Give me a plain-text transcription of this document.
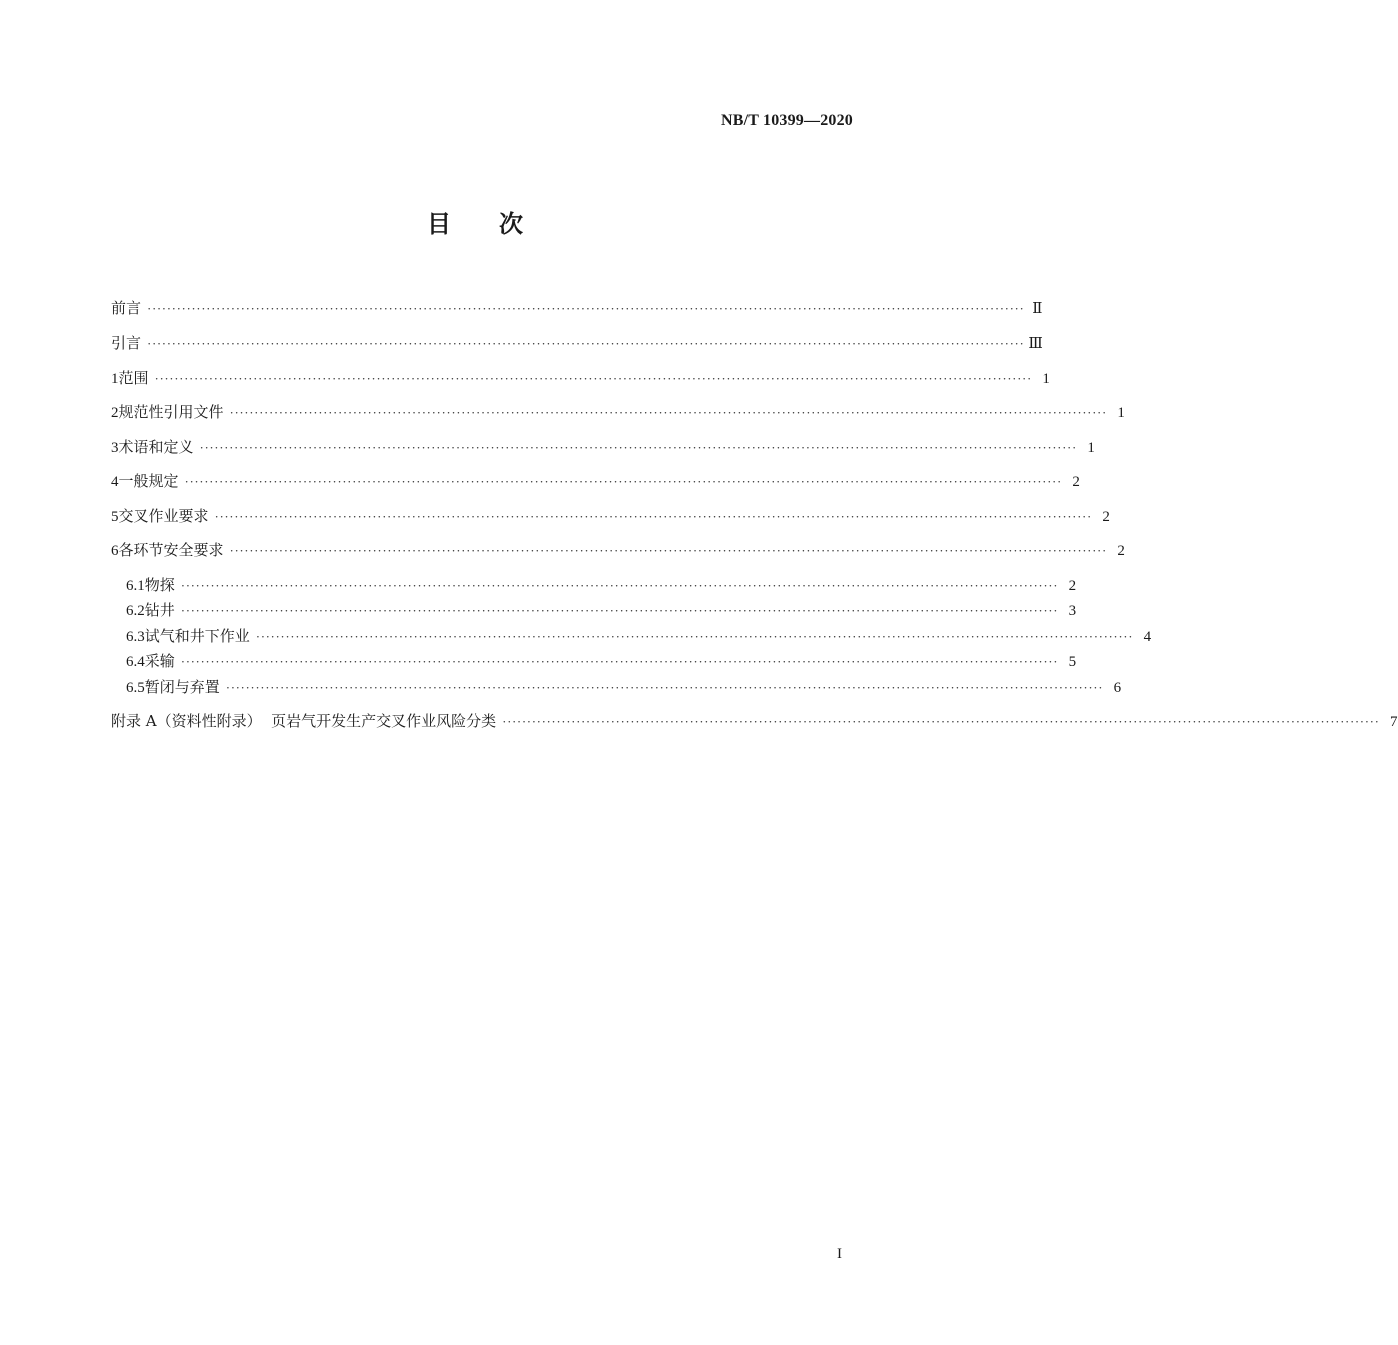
NB/T 10399—2020
目 次
前言 ·················································································································································································· Ⅱ
引言 ·················································································································································································· Ⅲ
1 范围 ·················································································································································································· 1
2 规范性引用文件 ·················································································································································································· 1
3 术语和定义 ·················································································································································································· 1
4 一般规定 ·················································································································································································· 2
5 交叉作业要求 ·················································································································································································· 2
6 各环节安全要求 ·················································································································································································· 2
6.1 物探 ·················································································································································································· 2
6.2 钻井 ·················································································································································································· 3
6.3 试气和井下作业 ·················································································································································································· 4
6.4 采输 ·················································································································································································· 5
6.5 暂闭与弃置 ·················································································································································································· 6
附录 A（资料性附录）  页岩气开发生产交叉作业风险分类 ·················································································································································································· 7
I
